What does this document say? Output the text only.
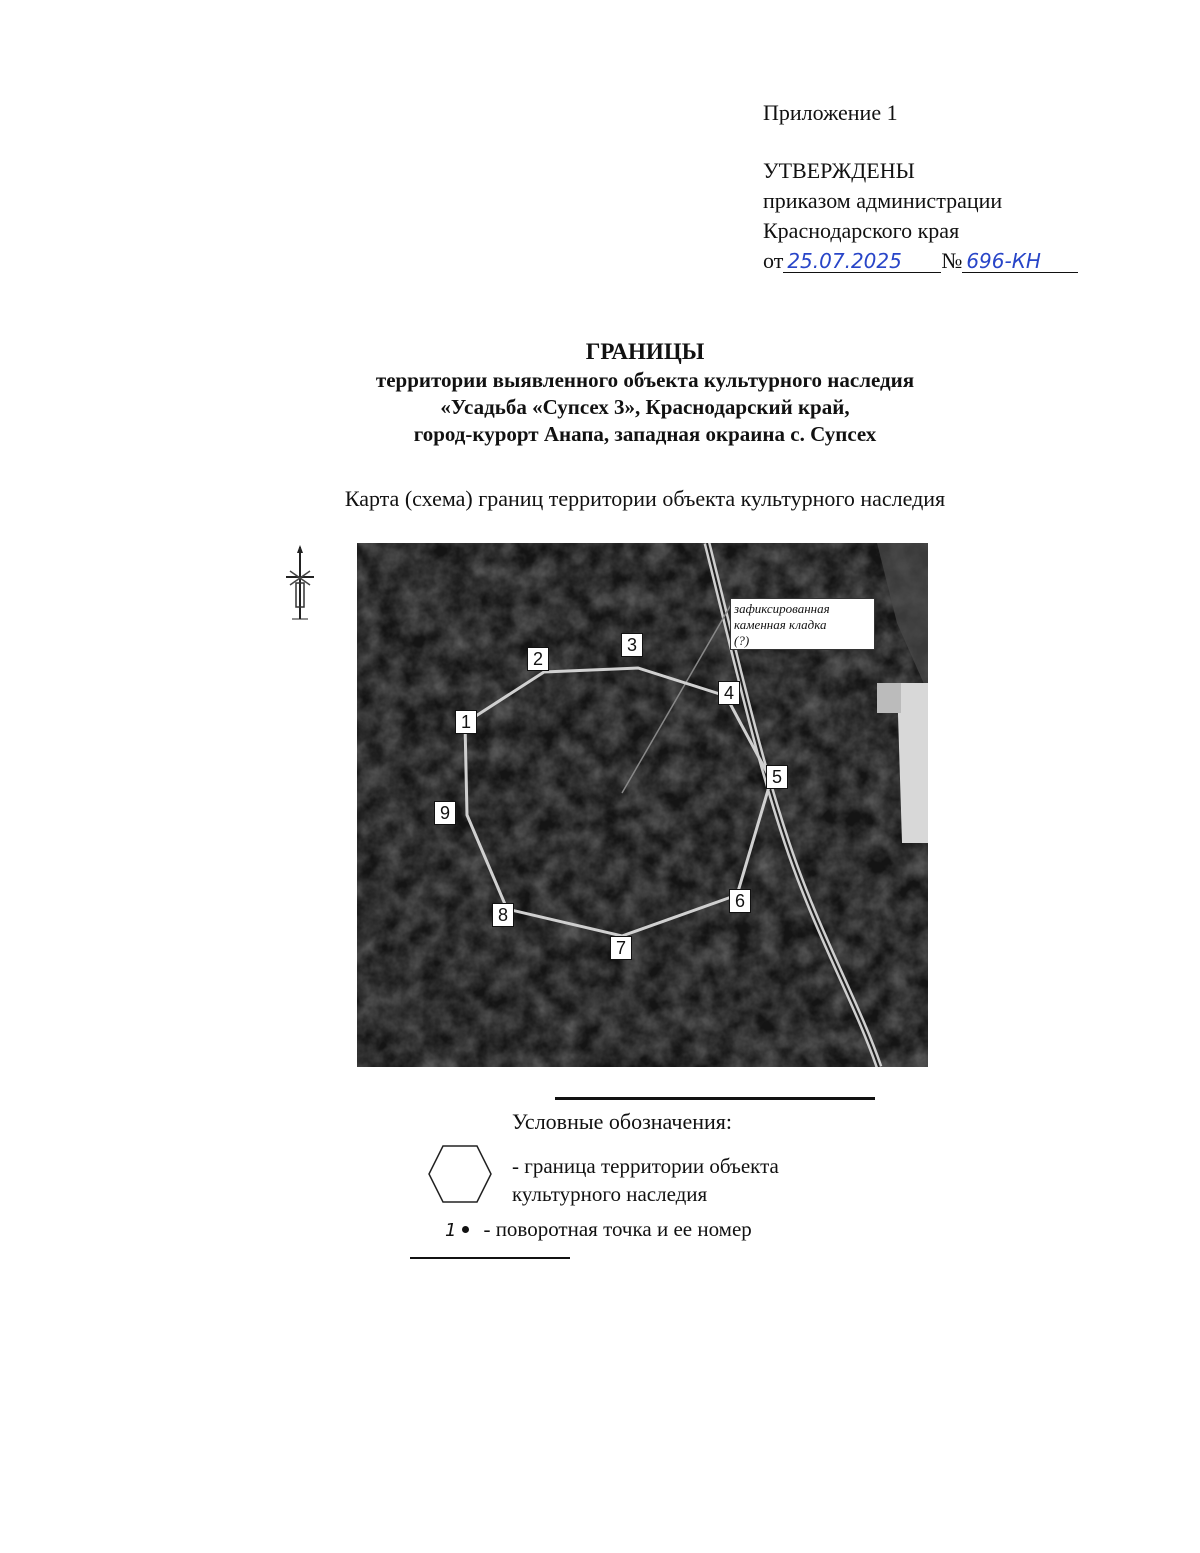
Приложение 1
УТВЕРЖДЕНЫ
приказом администрации
Краснодарского края
от 25.07.2025 № 696-КН
ГРАНИЦЫ
территории выявленного объекта культурного наследия
«Усадьба «Супсех 3», Краснодарский край,
город-курорт Анапа, западная окраина с. Супсех
Карта (схема) границ территории объекта культурного наследия
зафиксированная
каменная кладка
(?)
1
2
3
4
5
6
7
8
9
Условные обозначения:
- граница территории объекта
культурного наследия
1 - поворотная точка и ее номер
